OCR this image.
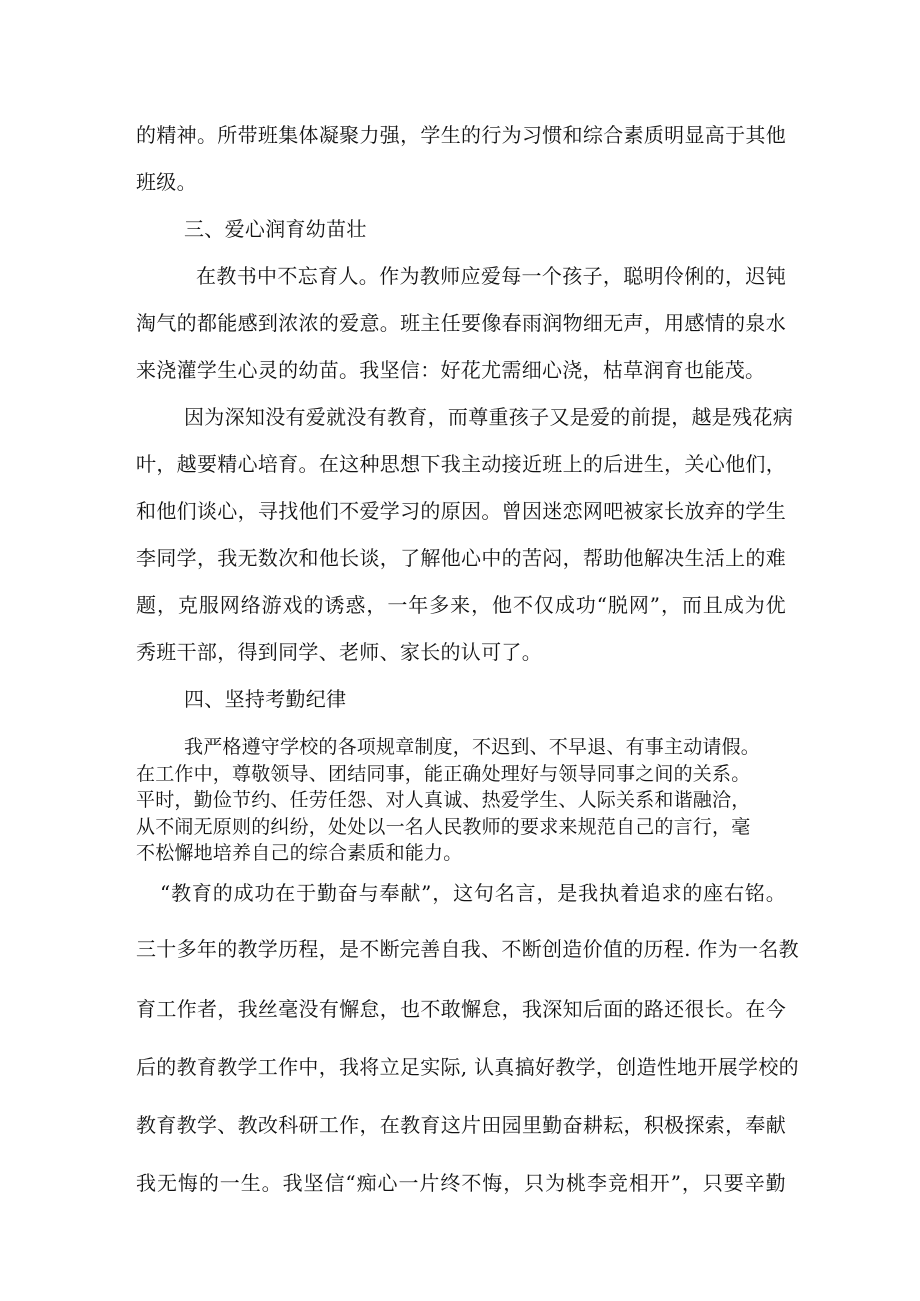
的精神。所带班集体凝聚力强，学生的行为习惯和综合素质明显高于其他
班级。
三、爱心润育幼苗壮
在教书中不忘育人。作为教师应爱每一个孩子，聪明伶俐的，迟钝
淘气的都能感到浓浓的爱意。班主任要像春雨润物细无声，用感情的泉水
来浇灌学生心灵的幼苗。我坚信：好花尤需细心浇，枯草润育也能茂。
因为深知没有爱就没有教育，而尊重孩子又是爱的前提，越是残花病
叶，越要精心培育。在这种思想下我主动接近班上的后进生，关心他们，
和他们谈心，寻找他们不爱学习的原因。曾因迷恋网吧被家长放弃的学生
李同学，我无数次和他长谈，了解他心中的苦闷，帮助他解决生活上的难
题，克服网络游戏的诱惑，一年多来，他不仅成功“脱网”，而且成为优
秀班干部，得到同学、老师、家长的认可了。
四、坚持考勤纪律
我严格遵守学校的各项规章制度，不迟到、不早退、有事主动请假。
在工作中，尊敬领导、团结同事，能正确处理好与领导同事之间的关系。
平时，勤俭节约、任劳任怨、对人真诚、热爱学生、人际关系和谐融洽，
从不闹无原则的纠纷，处处以一名人民教师的要求来规范自己的言行，毫
不松懈地培养自己的综合素质和能力。
“教育的成功在于勤奋与奉献”，这句名言，是我执着追求的座右铭。
三十多年的教学历程，是不断完善自我、不断创造价值的历程. 作为一名教
育工作者，我丝毫没有懈怠，也不敢懈怠，我深知后面的路还很长。在今
后的教育教学工作中，我将立足实际, 认真搞好教学，创造性地开展学校的
教育教学、教改科研工作，在教育这片田园里勤奋耕耘，积极探索，奉献
我无悔的一生。我坚信“痴心一片终不悔，只为桃李竞相开”，只要辛勤
